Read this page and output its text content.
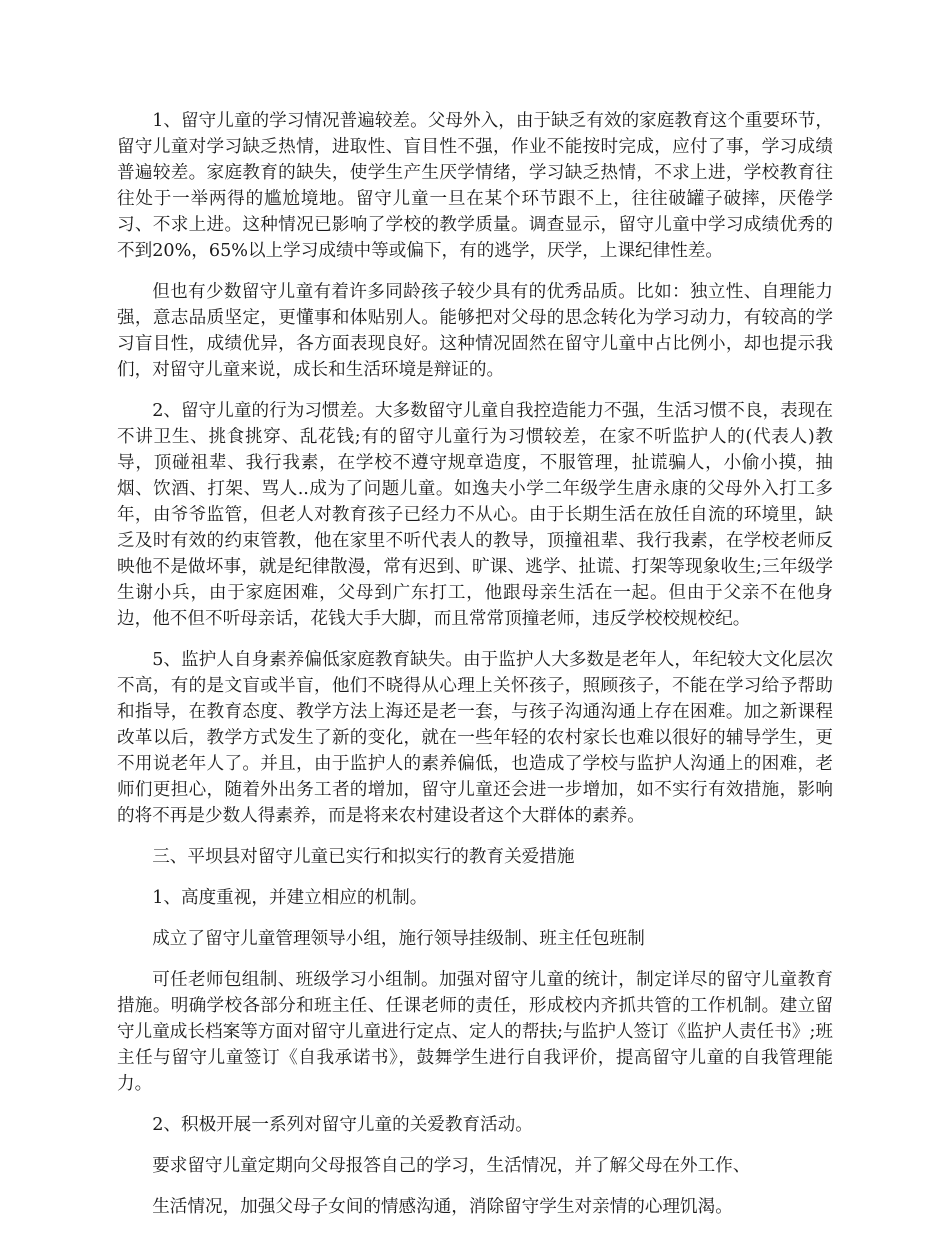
1、留守儿童的学习情况普遍较差。父母外入，由于缺乏有效的家庭教育这个重要环节，留守儿童对学习缺乏热情，进取性、盲目性不强，作业不能按时完成，应付了事，学习成绩普遍较差。家庭教育的缺失，使学生产生厌学情绪，学习缺乏热情，不求上进，学校教育往往处于一举两得的尴尬境地。留守儿童一旦在某个环节跟不上，往往破罐子破摔，厌倦学习、不求上进。这种情况已影响了学校的教学质量。调查显示，留守儿童中学习成绩优秀的不到20%，65%以上学习成绩中等或偏下，有的逃学，厌学，上课纪律性差。

但也有少数留守儿童有着许多同龄孩子较少具有的优秀品质。比如：独立性、自理能力强，意志品质坚定，更懂事和体贴别人。能够把对父母的思念转化为学习动力，有较高的学习盲目性，成绩优异，各方面表现良好。这种情况固然在留守儿童中占比例小，却也提示我们，对留守儿童来说，成长和生活环境是辩证的。

2、留守儿童的行为习惯差。大多数留守儿童自我控造能力不强，生活习惯不良，表现在不讲卫生、挑食挑穿、乱花钱;有的留守儿童行为习惯较差，在家不听监护人的(代表人)教导，顶碰祖辈、我行我素，在学校不遵守规章造度，不服管理，扯谎骗人，小偷小摸，抽烟、饮酒、打架、骂人..成为了问题儿童。如逸夫小学二年级学生唐永康的父母外入打工多年，由爷爷监管，但老人对教育孩子已经力不从心。由于长期生活在放任自流的环境里，缺乏及时有效的约束管教，他在家里不听代表人的教导，顶撞祖辈、我行我素，在学校老师反映他不是做坏事，就是纪律散漫，常有迟到、旷课、逃学、扯谎、打架等现象收生;三年级学生谢小兵，由于家庭困难，父母到广东打工，他跟母亲生活在一起。但由于父亲不在他身边，他不但不听母亲话，花钱大手大脚，而且常常顶撞老师，违反学校校规校纪。

5、监护人自身素养偏低家庭教育缺失。由于监护人大多数是老年人，年纪较大文化层次不高，有的是文盲或半盲，他们不晓得从心理上关怀孩子，照顾孩子，不能在学习给予帮助和指导，在教育态度、教学方法上海还是老一套，与孩子沟通沟通上存在困难。加之新课程改革以后，教学方式发生了新的变化，就在一些年轻的农村家长也难以很好的辅导学生，更不用说老年人了。并且，由于监护人的素养偏低，也造成了学校与监护人沟通上的困难，老师们更担心，随着外出务工者的增加，留守儿童还会进一步增加，如不实行有效措施，影响的将不再是少数人得素养，而是将来农村建设者这个大群体的素养。

三、平坝县对留守儿童已实行和拟实行的教育关爱措施

1、高度重视，并建立相应的机制。

成立了留守儿童管理领导小组，施行领导挂级制、班主任包班制

可任老师包组制、班级学习小组制。加强对留守儿童的统计，制定详尽的留守儿童教育措施。明确学校各部分和班主任、任课老师的责任，形成校内齐抓共管的工作机制。建立留守儿童成长档案等方面对留守儿童进行定点、定人的帮扶;与监护人签订《监护人责任书》;班主任与留守儿童签订《自我承诺书》，鼓舞学生进行自我评价，提高留守儿童的自我管理能力。

2、积极开展一系列对留守儿童的关爱教育活动。

要求留守儿童定期向父母报答自己的学习，生活情况，并了解父母在外工作、

生活情况，加强父母子女间的情感沟通，消除留守学生对亲情的心理饥渴。
